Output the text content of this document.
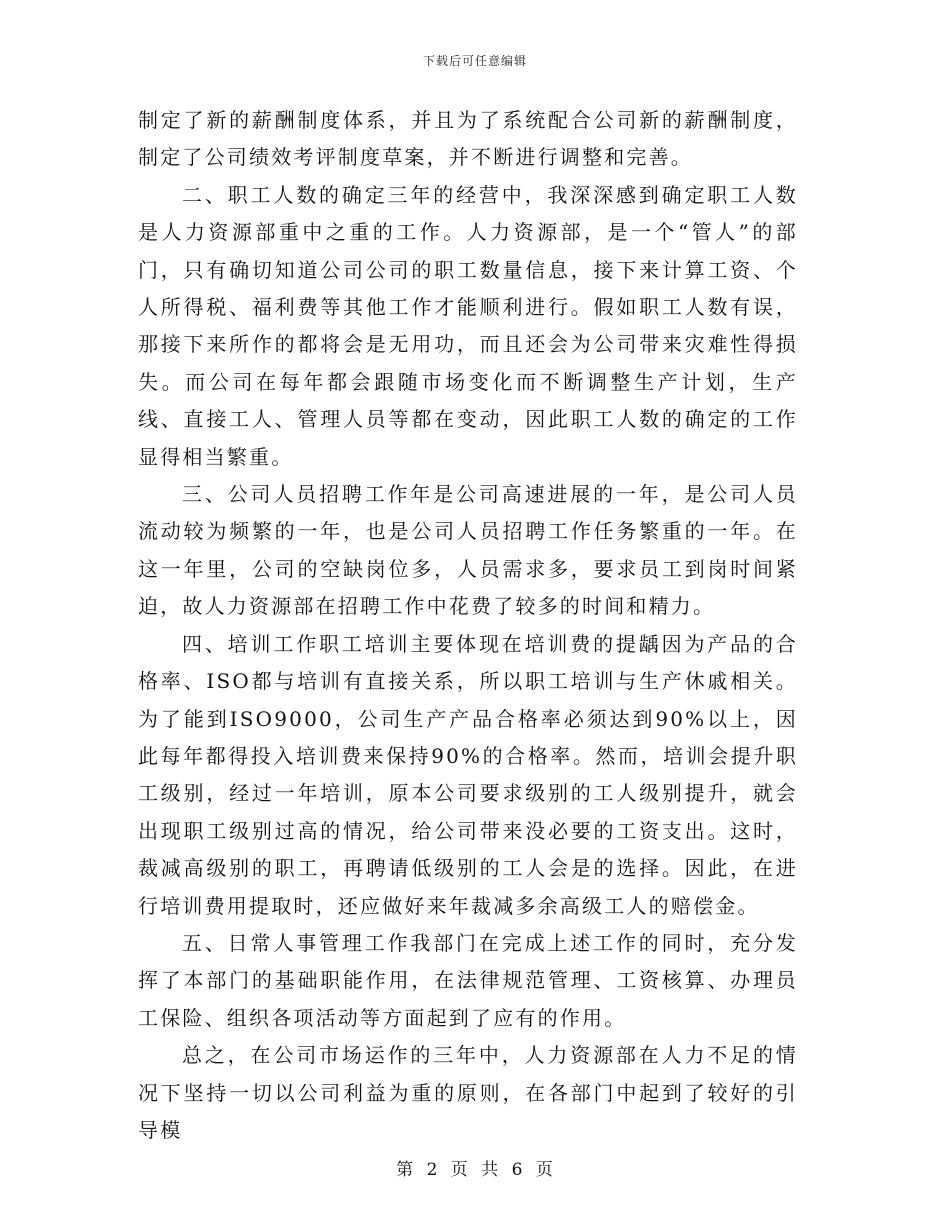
下载后可任意编辑

制定了新的薪酬制度体系，并且为了系统配合公司新的薪酬制度，制定了公司绩效考评制度草案，并不断进行调整和完善。

二、职工人数的确定三年的经营中，我深深感到确定职工人数是人力资源部重中之重的工作。人力资源部，是一个“管人”的部门，只有确切知道公司公司的职工数量信息，接下来计算工资、个人所得税、福利费等其他工作才能顺利进行。假如职工人数有误，那接下来所作的都将会是无用功，而且还会为公司带来灾难性得损失。而公司在每年都会跟随市场变化而不断调整生产计划，生产线、直接工人、管理人员等都在变动，因此职工人数的确定的工作显得相当繁重。

三、公司人员招聘工作年是公司高速进展的一年，是公司人员流动较为频繁的一年，也是公司人员招聘工作任务繁重的一年。在这一年里，公司的空缺岗位多，人员需求多，要求员工到岗时间紧迫，故人力资源部在招聘工作中花费了较多的时间和精力。

四、培训工作职工培训主要体现在培训费的提龋因为产品的合格率、ISO都与培训有直接关系，所以职工培训与生产休戚相关。为了能到ISO9000，公司生产产品合格率必须达到90%以上，因此每年都得投入培训费来保持90%的合格率。然而，培训会提升职工级别，经过一年培训，原本公司要求级别的工人级别提升，就会出现职工级别过高的情况，给公司带来没必要的工资支出。这时，裁减高级别的职工，再聘请低级别的工人会是的选择。因此，在进行培训费用提取时，还应做好来年裁减多余高级工人的赔偿金。

五、日常人事管理工作我部门在完成上述工作的同时，充分发挥了本部门的基础职能作用，在法律规范管理、工资核算、办理员工保险、组织各项活动等方面起到了应有的作用。

总之，在公司市场运作的三年中，人力资源部在人力不足的情况下坚持一切以公司利益为重的原则，在各部门中起到了较好的引导模

第 2 页 共 6 页
